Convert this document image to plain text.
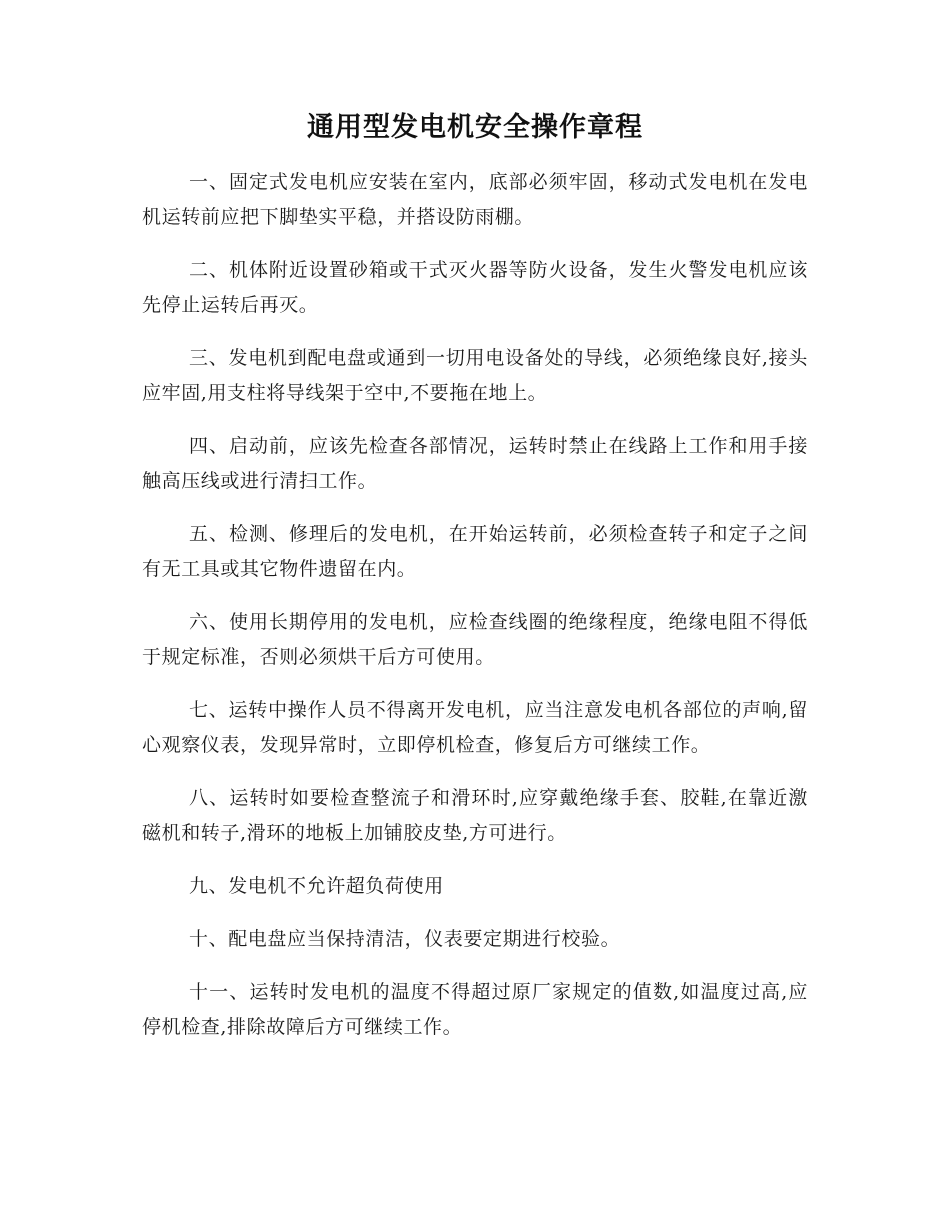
通用型发电机安全操作章程

一、固定式发电机应安装在室内，底部必须牢固，移动式发电机在发电机运转前应把下脚垫实平稳，并搭设防雨棚。

二、机体附近设置砂箱或干式灭火器等防火设备，发生火警发电机应该先停止运转后再灭。

三、发电机到配电盘或通到一切用电设备处的导线，必须绝缘良好,接头应牢固,用支柱将导线架于空中,不要拖在地上。

四、启动前，应该先检查各部情况，运转时禁止在线路上工作和用手接触高压线或进行清扫工作。

五、检测、修理后的发电机，在开始运转前，必须检查转子和定子之间有无工具或其它物件遗留在内。

六、使用长期停用的发电机，应检查线圈的绝缘程度，绝缘电阻不得低于规定标准，否则必须烘干后方可使用。

七、运转中操作人员不得离开发电机，应当注意发电机各部位的声响,留心观察仪表，发现异常时，立即停机检查，修复后方可继续工作。

八、运转时如要检查整流子和滑环时,应穿戴绝缘手套、胶鞋,在靠近激磁机和转子,滑环的地板上加铺胶皮垫,方可进行。

九、发电机不允许超负荷使用

十、配电盘应当保持清洁，仪表要定期进行校验。

十一、运转时发电机的温度不得超过原厂家规定的值数,如温度过高,应停机检查,排除故障后方可继续工作。
